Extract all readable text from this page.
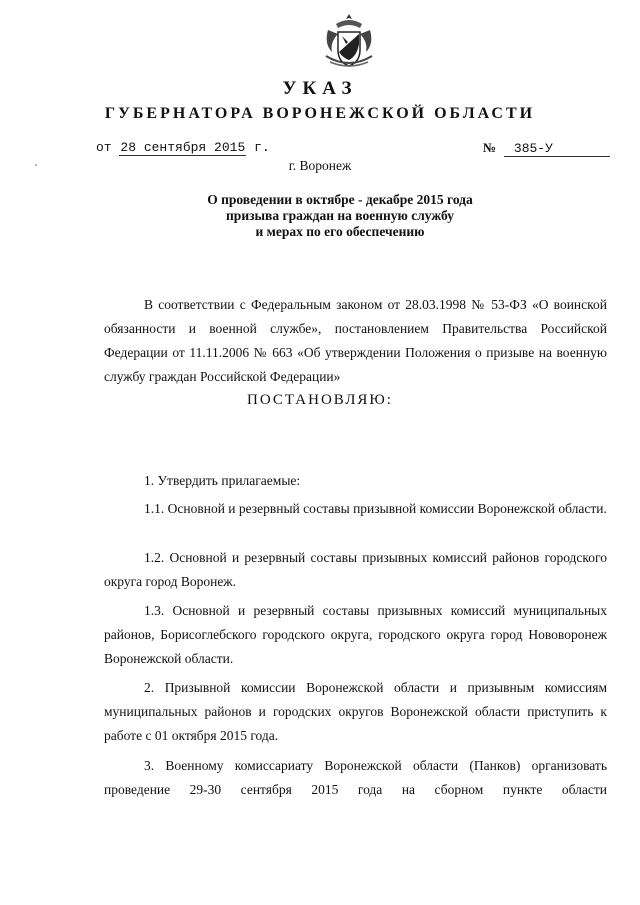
УКАЗ
ГУБЕРНАТОРА ВОРОНЕЖСКОЙ ОБЛАСТИ
от 28 сентября 2015 г.	№ 385-У
г. Воронеж
О проведении в октябре - декабре 2015 года
призыва граждан на военную службу
и мерах по его обеспечению
В соответствии с Федеральным законом от 28.03.1998 № 53-ФЗ «О воинской обязанности и военной службе», постановлением Правительства Российской Федерации от 11.11.2006 № 663 «Об утверждении Положения о призыве на военную службу граждан Российской Федерации»
ПОСТАНОВЛЯЮ:
1. Утвердить прилагаемые:
1.1. Основной и резервный составы призывной комиссии Воронежской области.
1.2. Основной и резервный составы призывных комиссий районов городского округа город Воронеж.
1.3. Основной и резервный составы призывных комиссий муниципальных районов, Борисоглебского городского округа, городского округа город Нововоронеж Воронежской области.
2. Призывной комиссии Воронежской области и призывным комиссиям муниципальных районов и городских округов Воронежской области приступить к работе с 01 октября 2015 года.
3. Военному комиссариату Воронежской области (Панков) организовать проведение 29-30 сентября 2015 года на сборном пункте области
